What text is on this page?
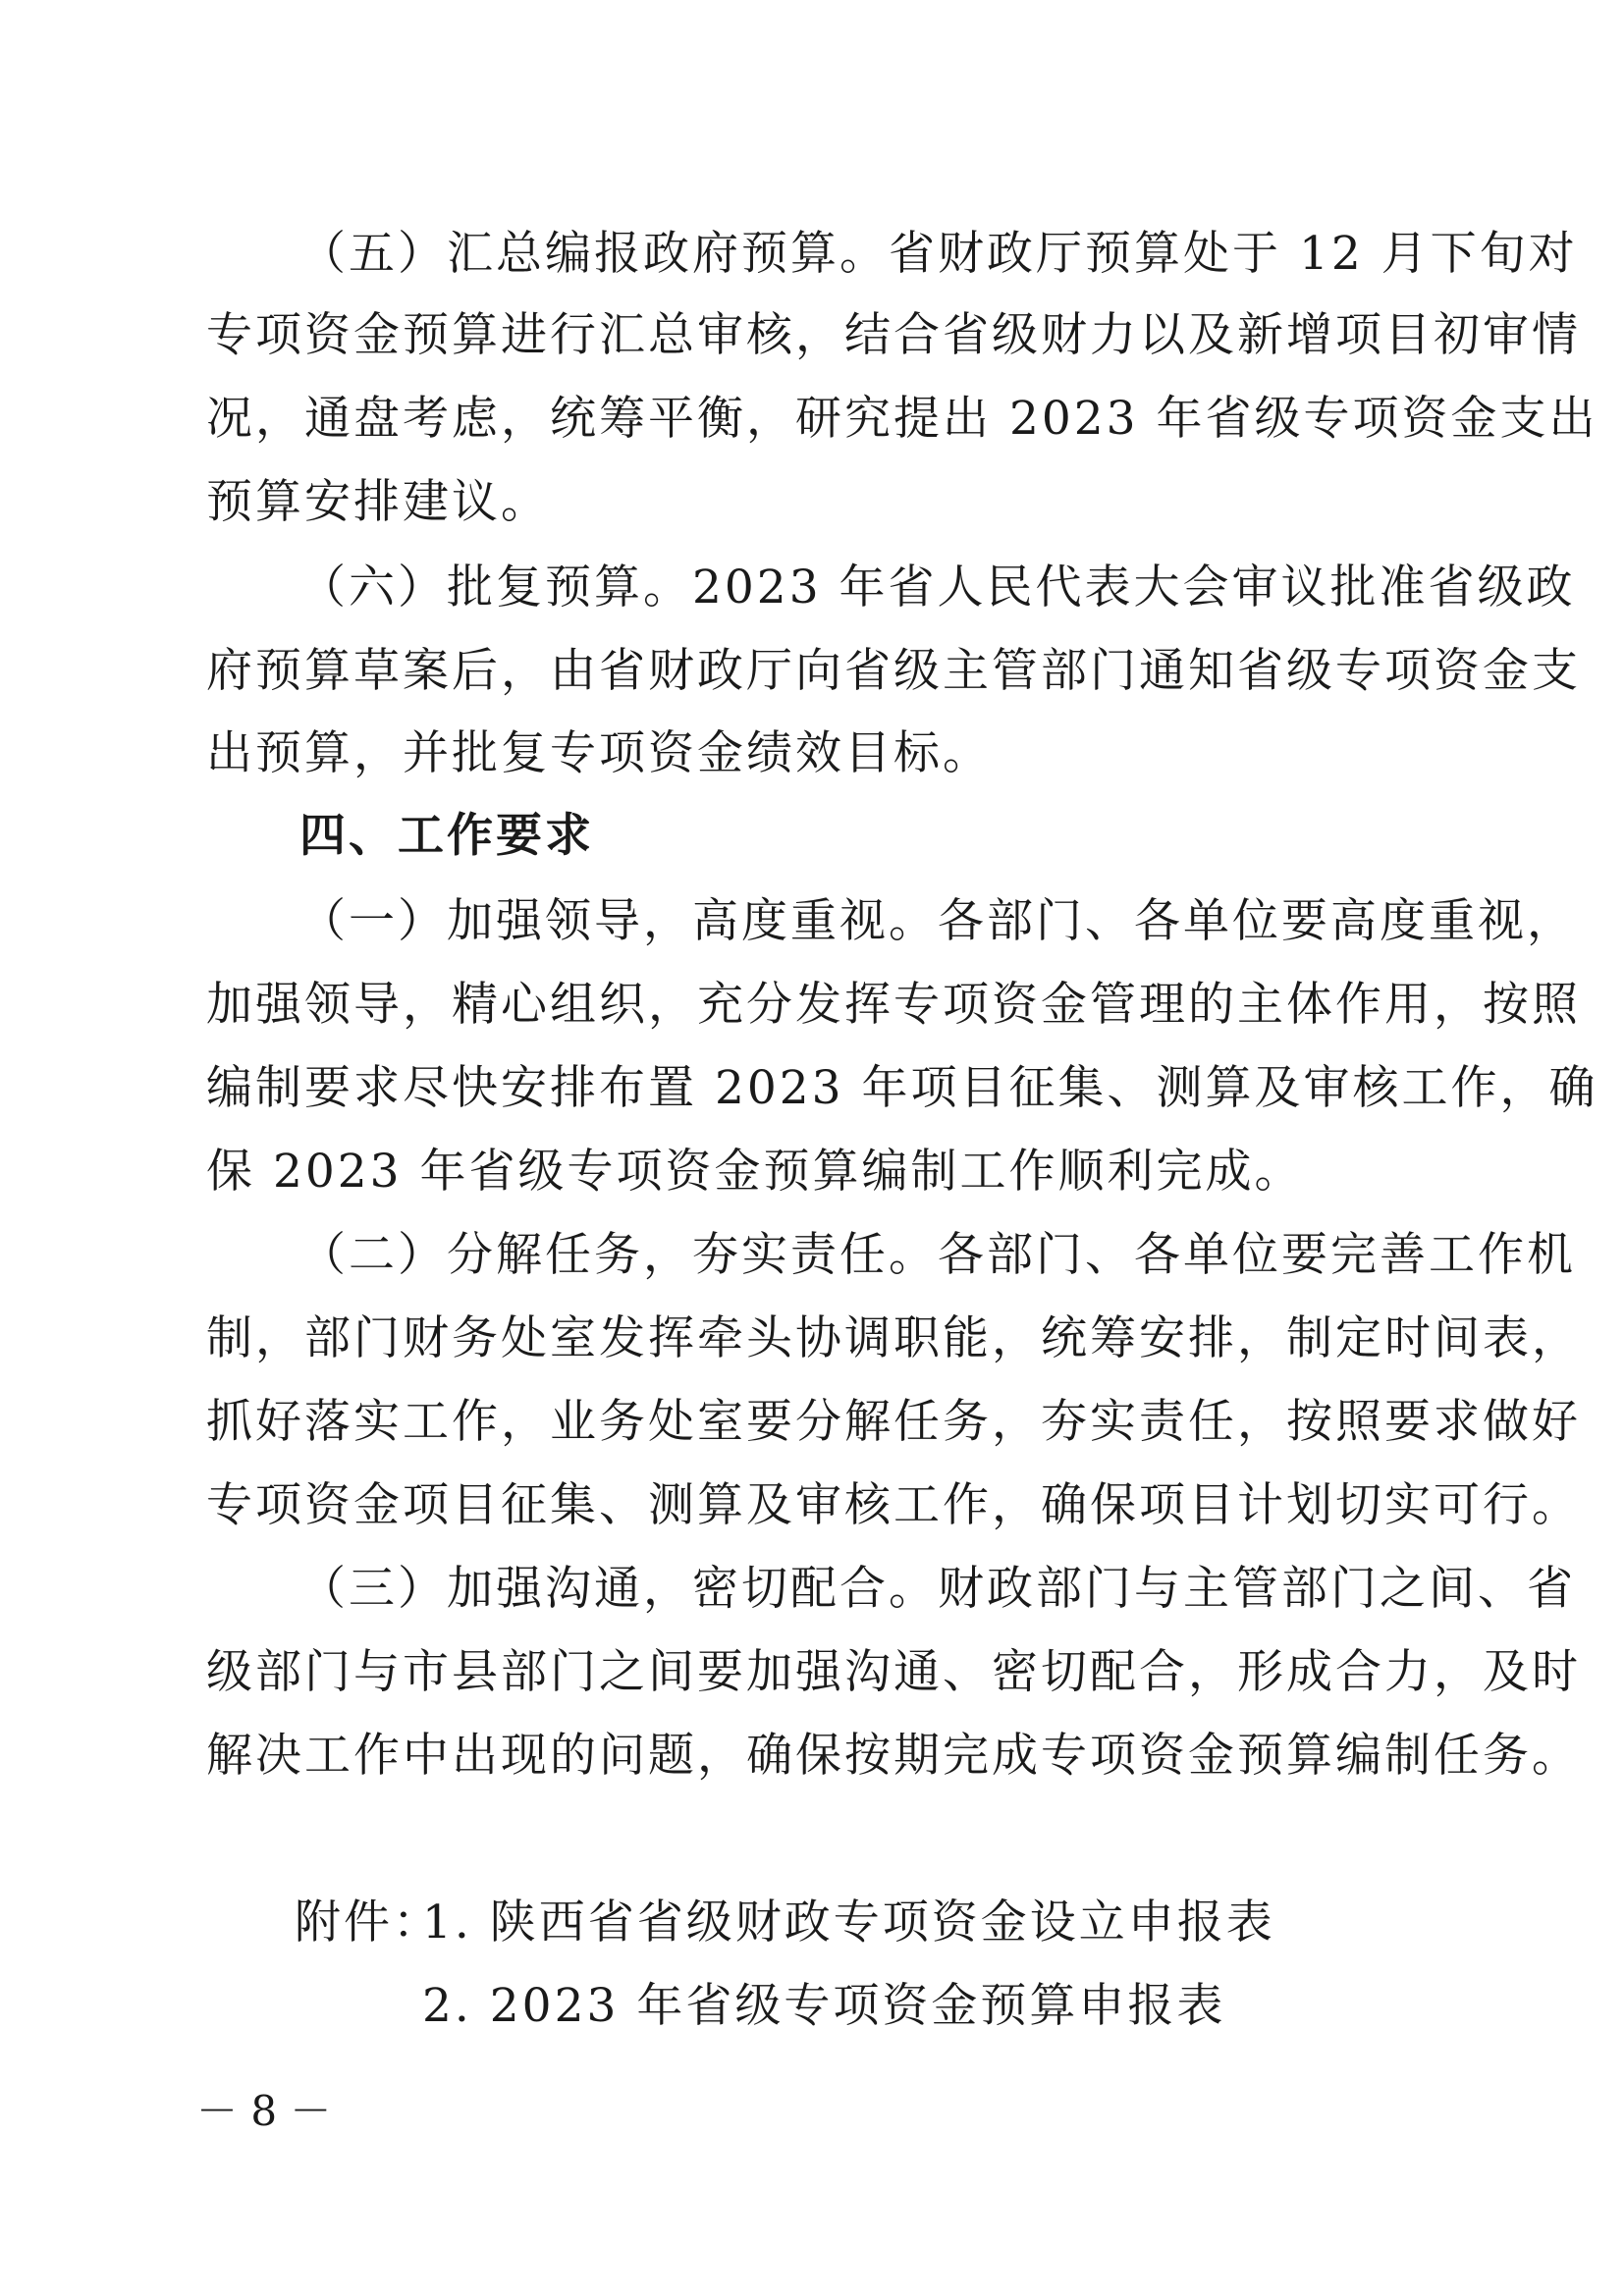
（五）汇总编报政府预算。省财政厅预算处于 12 月下旬对
专项资金预算进行汇总审核，结合省级财力以及新增项目初审情
况，通盘考虑，统筹平衡，研究提出 2023 年省级专项资金支出
预算安排建议。
（六）批复预算。2023 年省人民代表大会审议批准省级政
府预算草案后，由省财政厅向省级主管部门通知省级专项资金支
出预算，并批复专项资金绩效目标。
四、工作要求
（一）加强领导，高度重视。各部门、各单位要高度重视，
加强领导，精心组织，充分发挥专项资金管理的主体作用，按照
编制要求尽快安排布置 2023 年项目征集、测算及审核工作，确
保 2023 年省级专项资金预算编制工作顺利完成。
（二）分解任务，夯实责任。各部门、各单位要完善工作机
制，部门财务处室发挥牵头协调职能，统筹安排，制定时间表，
抓好落实工作，业务处室要分解任务，夯实责任，按照要求做好
专项资金项目征集、测算及审核工作，确保项目计划切实可行。
（三）加强沟通，密切配合。财政部门与主管部门之间、省
级部门与市县部门之间要加强沟通、密切配合，形成合力，及时
解决工作中出现的问题，确保按期完成专项资金预算编制任务。
附件：
1. 陕西省省级财政专项资金设立申报表
2. 2023 年省级专项资金预算申报表
－ 8 －
